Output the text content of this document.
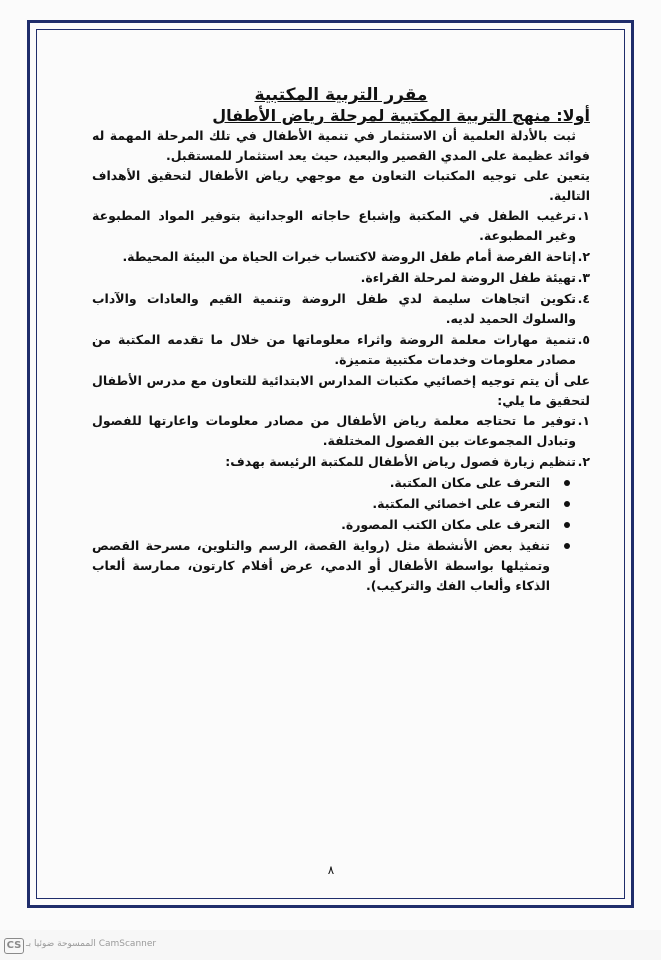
مقرر التربية المكتبية
أولا: منهج التربية المكتبية لمرحلة رياض الأطفال

ثبت بالأدلة العلمية أن الاستثمار في تنمية الأطفال في تلك المرحلة المهمة له فوائد عظيمة على المدي القصير والبعيد، حيث يعد استثمار للمستقبل.

يتعين على توجيه المكتبات التعاون مع موجهي رياض الأطفال لتحقيق الأهداف التالية.

١.
ترغيب الطفل في المكتبة وإشباع حاجاته الوجدانية بتوفير المواد المطبوعة وغير المطبوعة.
٢.
إتاحة الفرصة أمام طفل الروضة لاكتساب خبرات الحياة من البيئة المحيطة.
٣.
تهيئة طفل الروضة لمرحلة القراءة.
٤.
تكوين اتجاهات سليمة لدي طفل الروضة وتنمية القيم والعادات والآداب والسلوك الحميد لديه.
٥.
تنمية مهارات معلمة الروضة واثراء معلوماتها من خلال ما تقدمه المكتبة من مصادر معلومات وخدمات مكتبية متميزة.

على أن يتم توجيه إخصائيي مكتبات المدارس الابتدائية للتعاون مع مدرس الأطفال لتحقيق ما يلي:

١.
توفير ما تحتاجه معلمة رياض الأطفال من مصادر معلومات واعارتها للفصول وتبادل المجموعات بين الفصول المختلفة.
٢.
تنظيم زيارة فصول رياض الأطفال للمكتبة الرئيسة بهدف:
التعرف على مكان المكتبة.
التعرف على اخصائي المكتبة.
التعرف على مكان الكتب المصورة.
تنفيذ بعض الأنشطة مثل (رواية القصة، الرسم والتلوين، مسرحة القصص وتمثيلها بواسطة الأطفال أو الدمي، عرض أفلام كارتون، ممارسة ألعاب الذكاء وألعاب الفك والتركيب).
٨
CS الممسوحة ضوئيا بـ CamScanner
